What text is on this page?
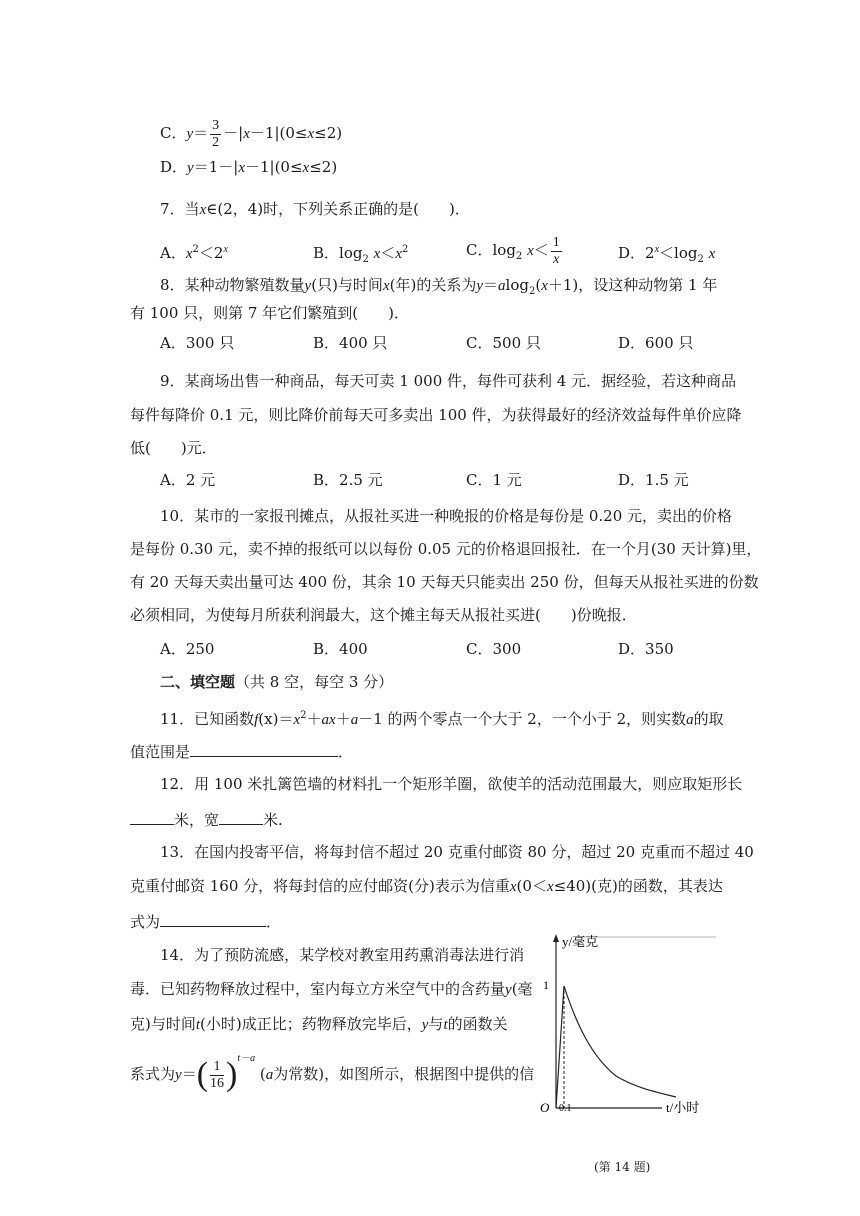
C．$y= \frac{3}{2} -|x-1|(0\le x\le 2)$
D．y＝1－|x－1|(0≤x≤2)
7．当x∈(2，4)时，下列关系正确的是(　　)．
A．$x^2<2^x$	B．$\log_2 x<x^2$	C．$\log_2 x< \frac{1}{x}$	D．$2^x<\log_2$ x
8．某种动物繁殖数量y(只)与时间x(年)的关系为y＝alog$_2$(x＋1)，设这种动物第 1 年
有 100 只，则第 7 年它们繁殖到(　　)．
A．300 只	B．400 只	C．500 只	D．600 只
9．某商场出售一种商品，每天可卖 1 000 件，每件可获利 4 元．据经验，若这种商品
每件每降价 0.1 元，则比降价前每天可多卖出 100 件，为获得最好的经济效益每件单价应降
低(　　)元．
A．2 元	B．2.5 元	C．1 元	D．1.5 元
10．某市的一家报刊摊点，从报社买进一种晚报的价格是每份是 0.20 元，卖出的价格
是每份 0.30 元，卖不掉的报纸可以以每份 0.05 元的价格退回报社．在一个月(30 天计算)里，
有 20 天每天卖出量可达 400 份，其余 10 天每天只能卖出 250 份，但每天从报社买进的份数
必须相同，为使每月所获利润最大，这个摊主每天从报社买进(　　)份晚报．
A．250	B．400	C．300	D．350
二、填空题（共 8 空，每空 3 分）
11．已知函数$f(x)=x^2+ax+a-1$ 的两个零点一个大于 2，一个小于 2，则实数a的取
值范围是	．
12．用 100 米扎篱笆墙的材料扎一个矩形羊圈，欲使羊的活动范围最大，则应取矩形长
米，宽	米.
13．在国内投寄平信，将每封信不超过 20 克重付邮资 80 分，超过 20 克重而不超过 40
克重付邮资 160 分，将每封信的应付邮资(分)表示为信重x(0＜x≤40)(克)的函数，其表达
式为	．
14．为了预防流感，某学校对教室用药熏消毒法进行消
毒．已知药物释放过程中，室内每立方米空气中的含药量y(毫
克)与时间t(小时)成正比；药物释放完毕后，y与t的函数关
系式为$y=( \frac{1}{16} )^{t-a}$ (a为常数)，如图所示，根据图中提供的信
y/毫克
1
O 0.1	t/小时
(第 14 题)
